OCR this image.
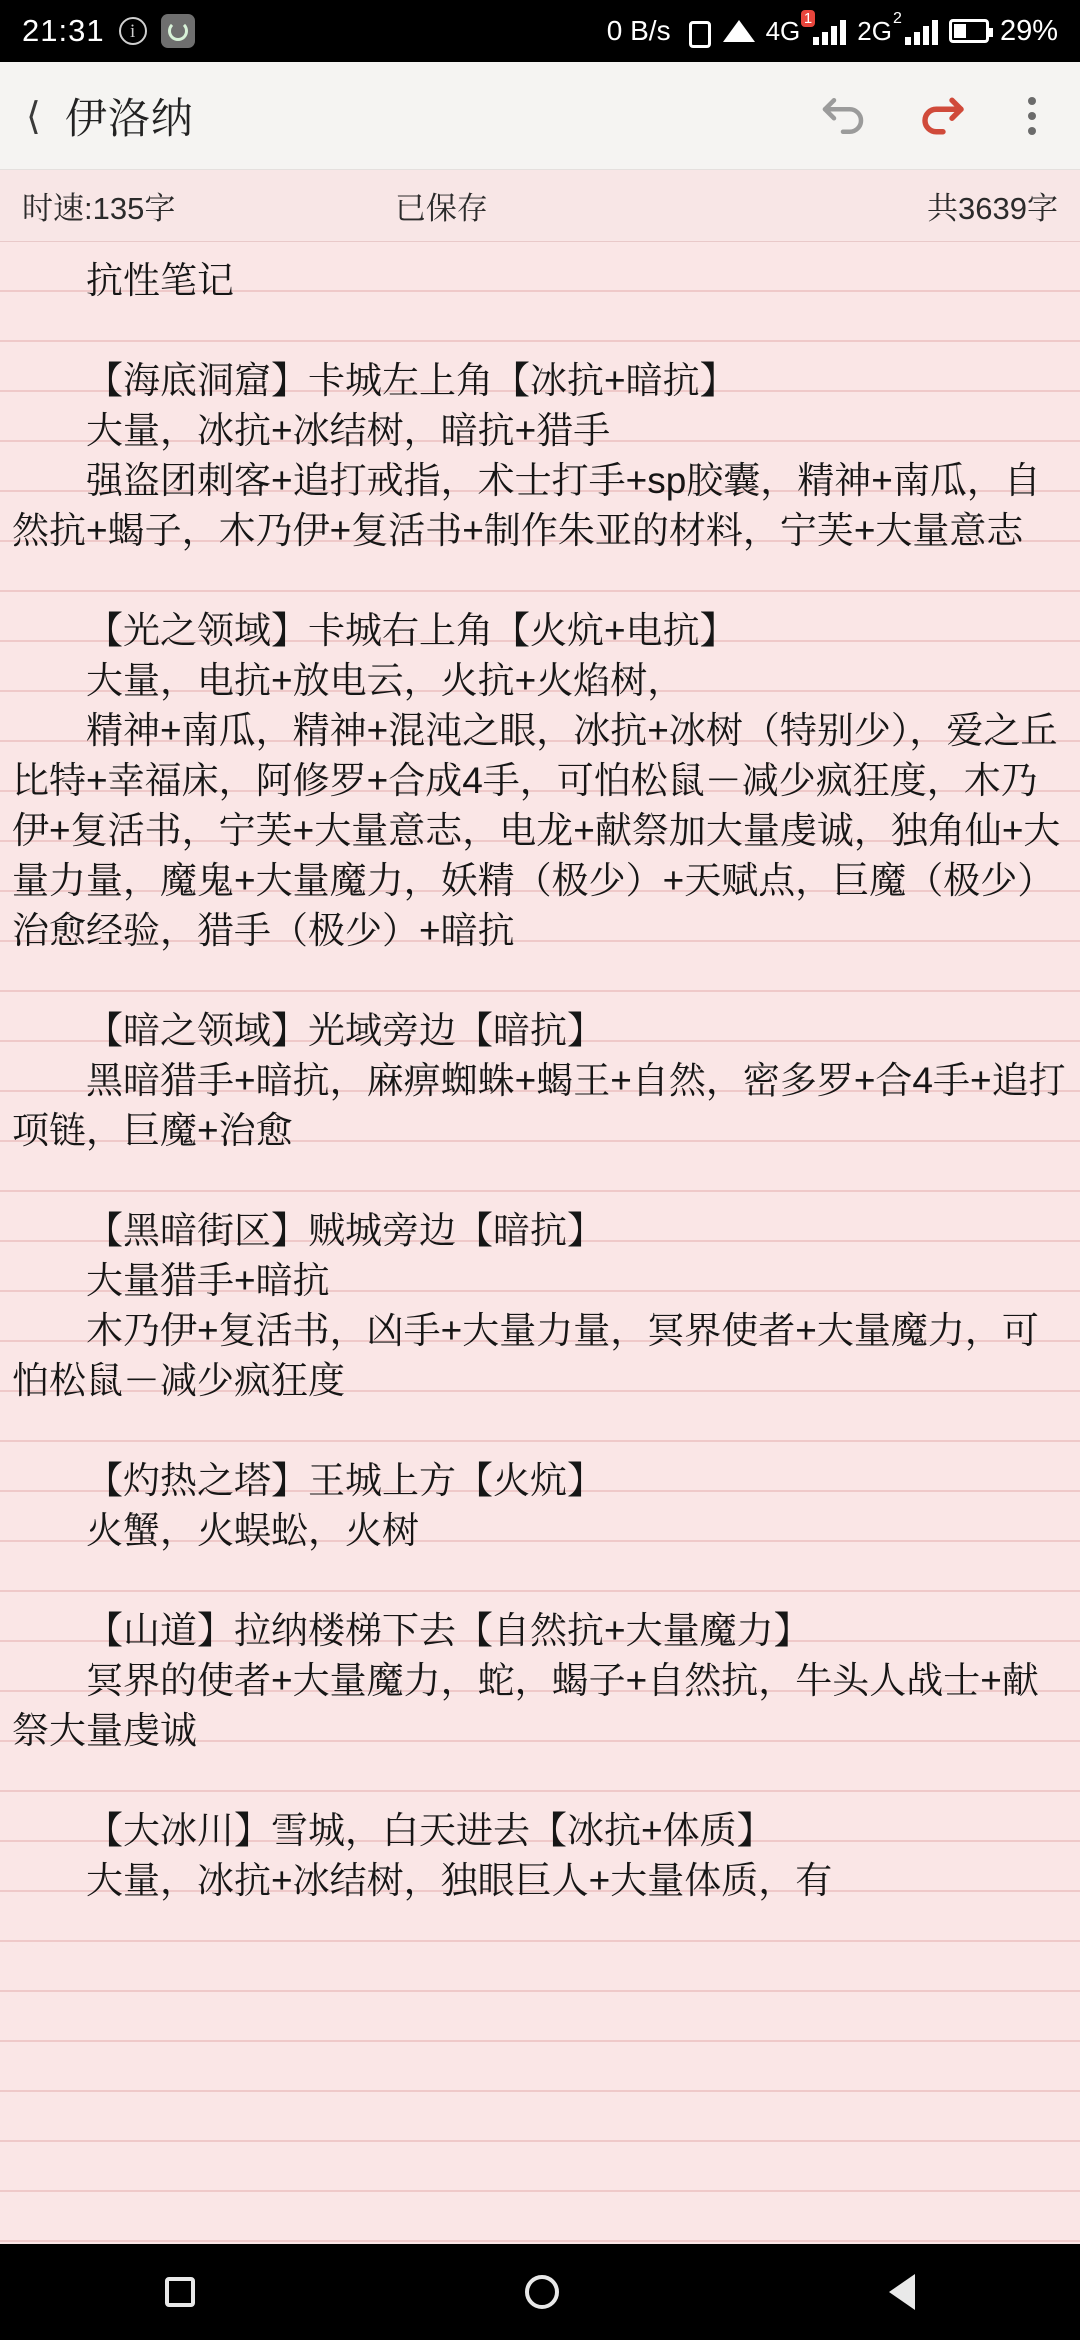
21:31	i	0 B/s	4G 1 2G 2	29%
⟨ 伊洛纳
时速:135字	已保存	共3639字

抗性笔记

【海底洞窟】卡城左上角【冰抗+暗抗】

大量，冰抗+冰结树，暗抗+猎手

强盗团刺客+追打戒指，术士打手+sp胶囊，精神+南瓜，自然抗+蝎子，木乃伊+复活书+制作朱亚的材料，宁芙+大量意志

【光之领域】卡城右上角【火炕+电抗】

大量，电抗+放电云，火抗+火焰树，

精神+南瓜，精神+混沌之眼，冰抗+冰树（特别少），爱之丘比特+幸福床，阿修罗+合成4手，可怕松鼠－减少疯狂度，木乃伊+复活书，宁芙+大量意志，电龙+献祭加大量虔诚，独角仙+大量力量，魔鬼+大量魔力，妖精（极少）+天赋点，巨魔（极少）治愈经验，猎手（极少）+暗抗

【暗之领域】光域旁边【暗抗】

黑暗猎手+暗抗，麻痹蜘蛛+蝎王+自然，密多罗+合4手+追打项链，巨魔+治愈

【黑暗街区】贼城旁边【暗抗】

大量猎手+暗抗

木乃伊+复活书，凶手+大量力量，冥界使者+大量魔力，可怕松鼠－减少疯狂度

【灼热之塔】王城上方【火炕】

火蟹，火蜈蚣，火树

【山道】拉纳楼梯下去【自然抗+大量魔力】

冥界的使者+大量魔力，蛇，蝎子+自然抗，牛头人战士+献祭大量虔诚

【大冰川】雪城，白天进去【冰抗+体质】

大量，冰抗+冰结树，独眼巨人+大量体质，有
